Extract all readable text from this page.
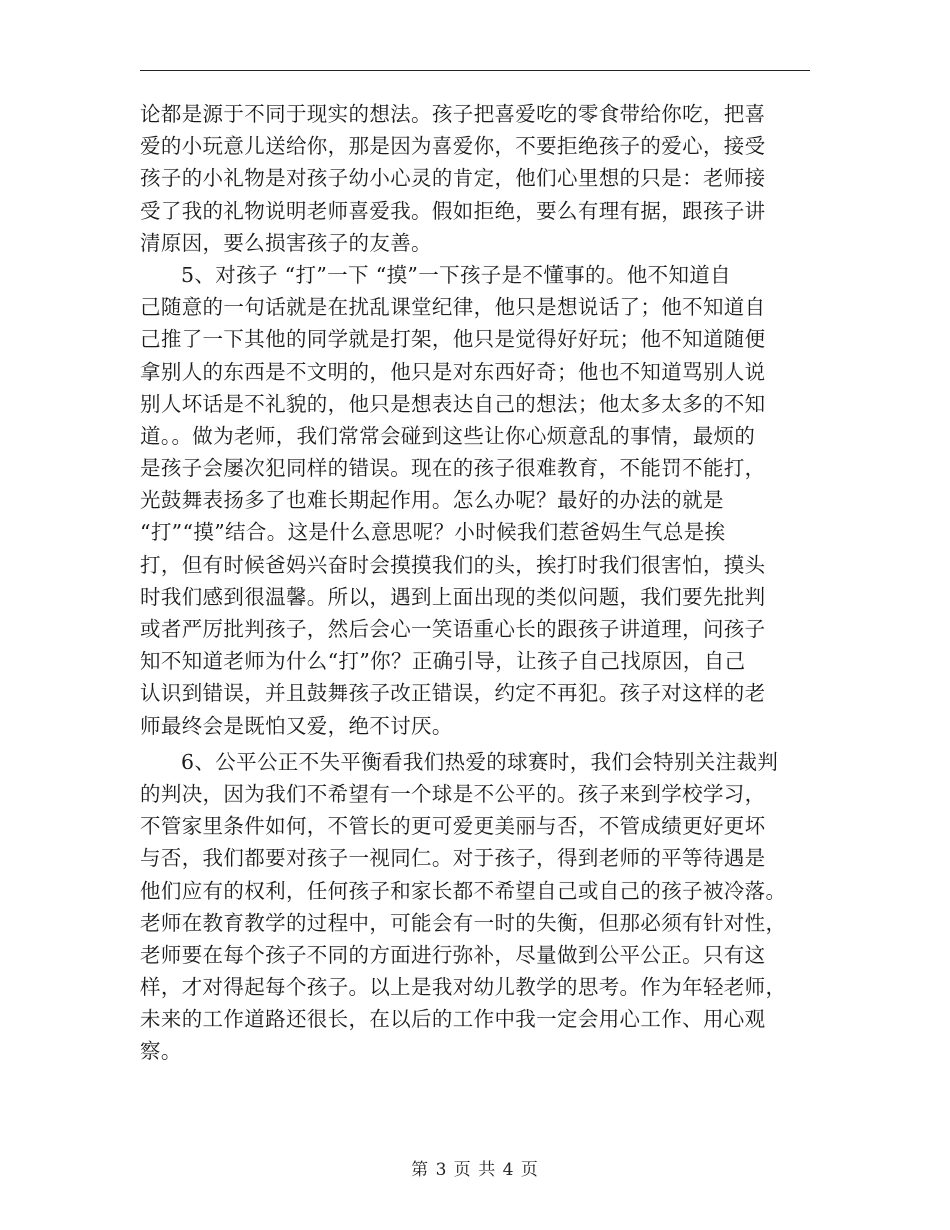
论都是源于不同于现实的想法。孩子把喜爱吃的零食带给你吃，把喜
爱的小玩意儿送给你，那是因为喜爱你，不要拒绝孩子的爱心，接受
孩子的小礼物是对孩子幼小心灵的肯定，他们心里想的只是：老师接
受了我的礼物说明老师喜爱我。假如拒绝，要么有理有据，跟孩子讲
清原因，要么损害孩子的友善。
5、对孩子 “打”一下 “摸”一下孩子是不懂事的。他不知道自
己随意的一句话就是在扰乱课堂纪律，他只是想说话了；他不知道自
己推了一下其他的同学就是打架，他只是觉得好好玩；他不知道随便
拿别人的东西是不文明的，他只是对东西好奇；他也不知道骂别人说
别人坏话是不礼貌的，他只是想表达自己的想法；他太多太多的不知
道。。做为老师，我们常常会碰到这些让你心烦意乱的事情，最烦的
是孩子会屡次犯同样的错误。现在的孩子很难教育，不能罚不能打，
光鼓舞表扬多了也难长期起作用。怎么办呢？最好的办法的就是
“打”“摸”结合。这是什么意思呢？小时候我们惹爸妈生气总是挨
打，但有时候爸妈兴奋时会摸摸我们的头，挨打时我们很害怕，摸头
时我们感到很温馨。所以，遇到上面出现的类似问题，我们要先批判
或者严厉批判孩子，然后会心一笑语重心长的跟孩子讲道理，问孩子
知不知道老师为什么“打”你？正确引导，让孩子自己找原因，自己
认识到错误，并且鼓舞孩子改正错误，约定不再犯。孩子对这样的老
师最终会是既怕又爱，绝不讨厌。
6、公平公正不失平衡看我们热爱的球赛时，我们会特别关注裁判
的判决，因为我们不希望有一个球是不公平的。孩子来到学校学习，
不管家里条件如何，不管长的更可爱更美丽与否，不管成绩更好更坏
与否，我们都要对孩子一视同仁。对于孩子，得到老师的平等待遇是
他们应有的权利，任何孩子和家长都不希望自己或自己的孩子被冷落。
老师在教育教学的过程中，可能会有一时的失衡，但那必须有针对性，
老师要在每个孩子不同的方面进行弥补，尽量做到公平公正。只有这
样，才对得起每个孩子。以上是我对幼儿教学的思考。作为年轻老师，
未来的工作道路还很长，在以后的工作中我一定会用心工作、用心观
察。
第 3 页 共 4 页
